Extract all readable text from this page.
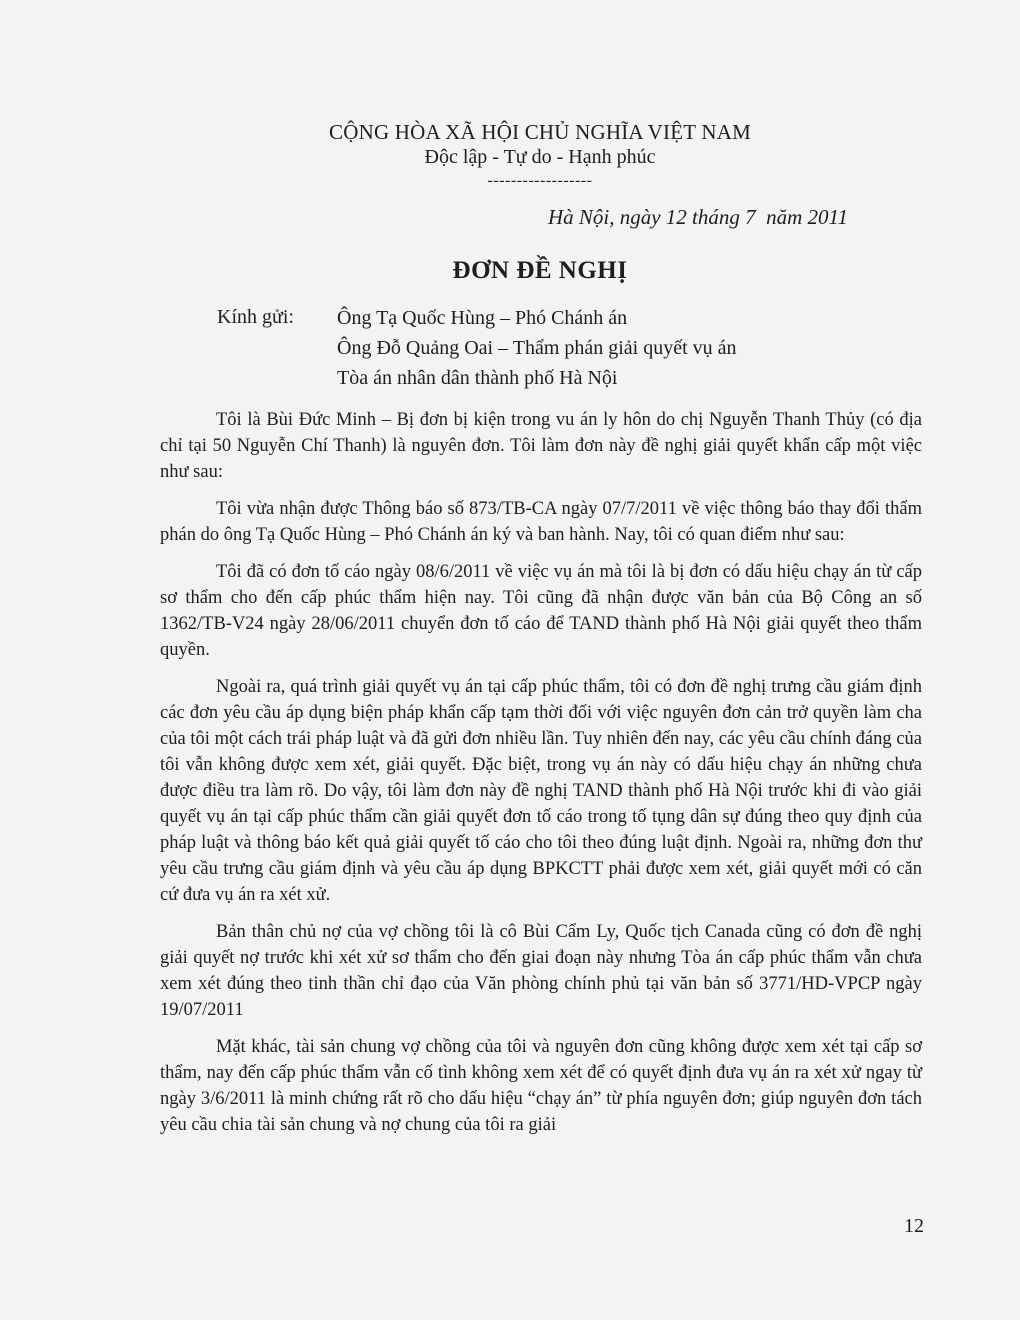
CỘNG HÒA XÃ HỘI CHỦ NGHĨA VIỆT NAM
Độc lập - Tự do - Hạnh phúc
------------------
Hà Nội, ngày 12 tháng 7  năm 2011
ĐƠN ĐỀ NGHỊ
Kính gửi: Ông Tạ Quốc Hùng – Phó Chánh án
Ông Đỗ Quảng Oai – Thẩm phán giải quyết vụ án
Tòa án nhân dân thành phố Hà Nội

Tôi là Bùi Đức Minh – Bị đơn bị kiện trong vu án ly hôn do chị Nguyễn Thanh Thủy (có địa chỉ tại 50 Nguyễn Chí Thanh) là nguyên đơn. Tôi làm đơn này đề nghị giải quyết khẩn cấp một việc như sau:

Tôi vừa nhận được Thông báo số 873/TB-CA ngày 07/7/2011 về việc thông báo thay đổi thẩm phán do ông Tạ Quốc Hùng – Phó Chánh án ký và ban hành. Nay, tôi có quan điểm như sau:

Tôi đã có đơn tố cáo ngày 08/6/2011 về việc vụ án mà tôi là bị đơn có dấu hiệu chạy án từ cấp sơ thẩm cho đến cấp phúc thẩm hiện nay. Tôi cũng đã nhận được văn bản của Bộ Công an số 1362/TB-V24 ngày 28/06/2011 chuyển đơn tố cáo để TAND thành phố Hà Nội giải quyết theo thẩm quyền.

Ngoài ra, quá trình giải quyết vụ án tại cấp phúc thẩm, tôi có đơn đề nghị trưng cầu giám định các đơn yêu cầu áp dụng biện pháp khẩn cấp tạm thời đối với việc nguyên đơn cản trở quyền làm cha của tôi một cách trái pháp luật và đã gửi đơn nhiều lần. Tuy nhiên đến nay, các yêu cầu chính đáng của tôi vẫn không được xem xét, giải quyết. Đặc biệt, trong vụ án này có dấu hiệu chạy án những chưa được điều tra làm rõ. Do vậy, tôi làm đơn này đề nghị TAND thành phố Hà Nội trước khi đi vào giải quyết vụ án tại cấp phúc thẩm cần giải quyết đơn tố cáo trong tố tụng dân sự đúng theo quy định của pháp luật và thông báo kết quả giải quyết tố cáo cho tôi theo đúng luật định. Ngoài ra, những đơn thư yêu cầu trưng cầu giám định và yêu cầu áp dụng BPKCTT phải được xem xét, giải quyết mới có căn cứ đưa vụ án ra xét xử.

Bản thân chủ nợ của vợ chồng tôi là cô Bùi Cẩm Ly, Quốc tịch Canada cũng có đơn đề nghị giải quyết nợ trước khi xét xử sơ thẩm cho đến giai đoạn này nhưng Tòa án cấp phúc thẩm vẫn chưa xem xét đúng theo tinh thần chỉ đạo của Văn phòng chính phủ tại văn bản số 3771/HD-VPCP ngày 19/07/2011

Mặt khác, tài sản chung vợ chồng của tôi và nguyên đơn cũng không được xem xét tại cấp sơ thẩm, nay đến cấp phúc thẩm vẫn cố tình không xem xét để có quyết định đưa vụ án ra xét xử ngay từ ngày 3/6/2011 là minh chứng rất rõ cho dấu hiệu “chạy án” từ phía nguyên đơn; giúp nguyên đơn tách yêu cầu chia tài sản chung và nợ chung của tôi ra giải

12
